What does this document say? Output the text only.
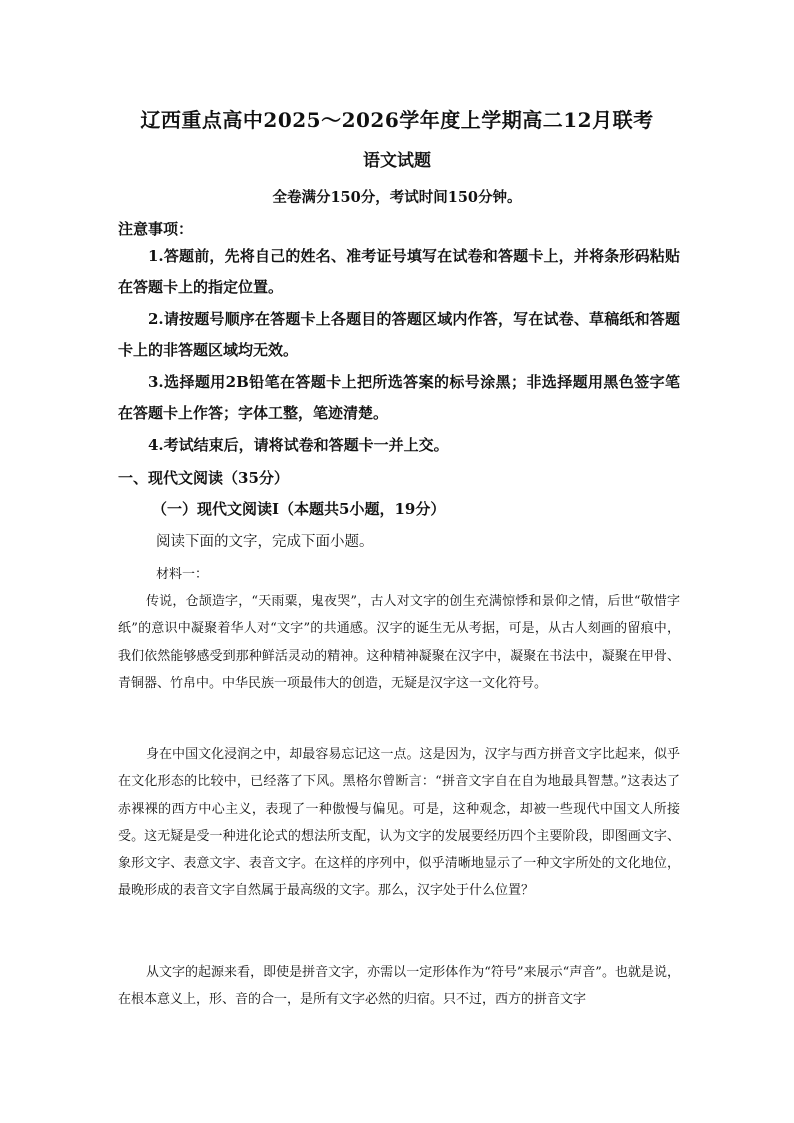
辽西重点高中2025～2026学年度上学期高二12月联考
语文试题
全卷满分150分，考试时间150分钟。
注意事项：

1.答题前，先将自己的姓名、准考证号填写在试卷和答题卡上，并将条形码粘贴在答题卡上的指定位置。

2.请按题号顺序在答题卡上各题目的答题区域内作答，写在试卷、草稿纸和答题卡上的非答题区域均无效。

3.选择题用2B铅笔在答题卡上把所选答案的标号涂黑；非选择题用黑色签字笔在答题卡上作答；字体工整，笔迹清楚。

4.考试结束后，请将试卷和答题卡一并上交。

一、现代文阅读（35分）
（一）现代文阅读Ⅰ（本题共5小题，19分）
阅读下面的文字，完成下面小题。
材料一：

传说，仓颉造字，“天雨粟，鬼夜哭”，古人对文字的创生充满惊悸和景仰之情，后世“敬惜字纸”的意识中凝聚着华人对“文字”的共通感。汉字的诞生无从考据，可是，从古人刻画的留痕中，我们依然能够感受到那种鲜活灵动的精神。这种精神凝聚在汉字中，凝聚在书法中，凝聚在甲骨、青铜器、竹帛中。中华民族一项最伟大的创造，无疑是汉字这一文化符号。

身在中国文化浸润之中，却最容易忘记这一点。这是因为，汉字与西方拼音文字比起来，似乎在文化形态的比较中，已经落了下风。黑格尔曾断言：“拼音文字自在自为地最具智慧。”这表达了赤裸裸的西方中心主义，表现了一种傲慢与偏见。可是，这种观念，却被一些现代中国文人所接受。这无疑是受一种进化论式的想法所支配，认为文字的发展要经历四个主要阶段，即图画文字、象形文字、表意文字、表音文字。在这样的序列中，似乎清晰地显示了一种文字所处的文化地位，最晚形成的表音文字自然属于最高级的文字。那么，汉字处于什么位置？

从文字的起源来看，即使是拼音文字，亦需以一定形体作为“符号”来展示“声音”。也就是说，在根本意义上，形、音的合一，是所有文字必然的归宿。只不过，西方的拼音文字
